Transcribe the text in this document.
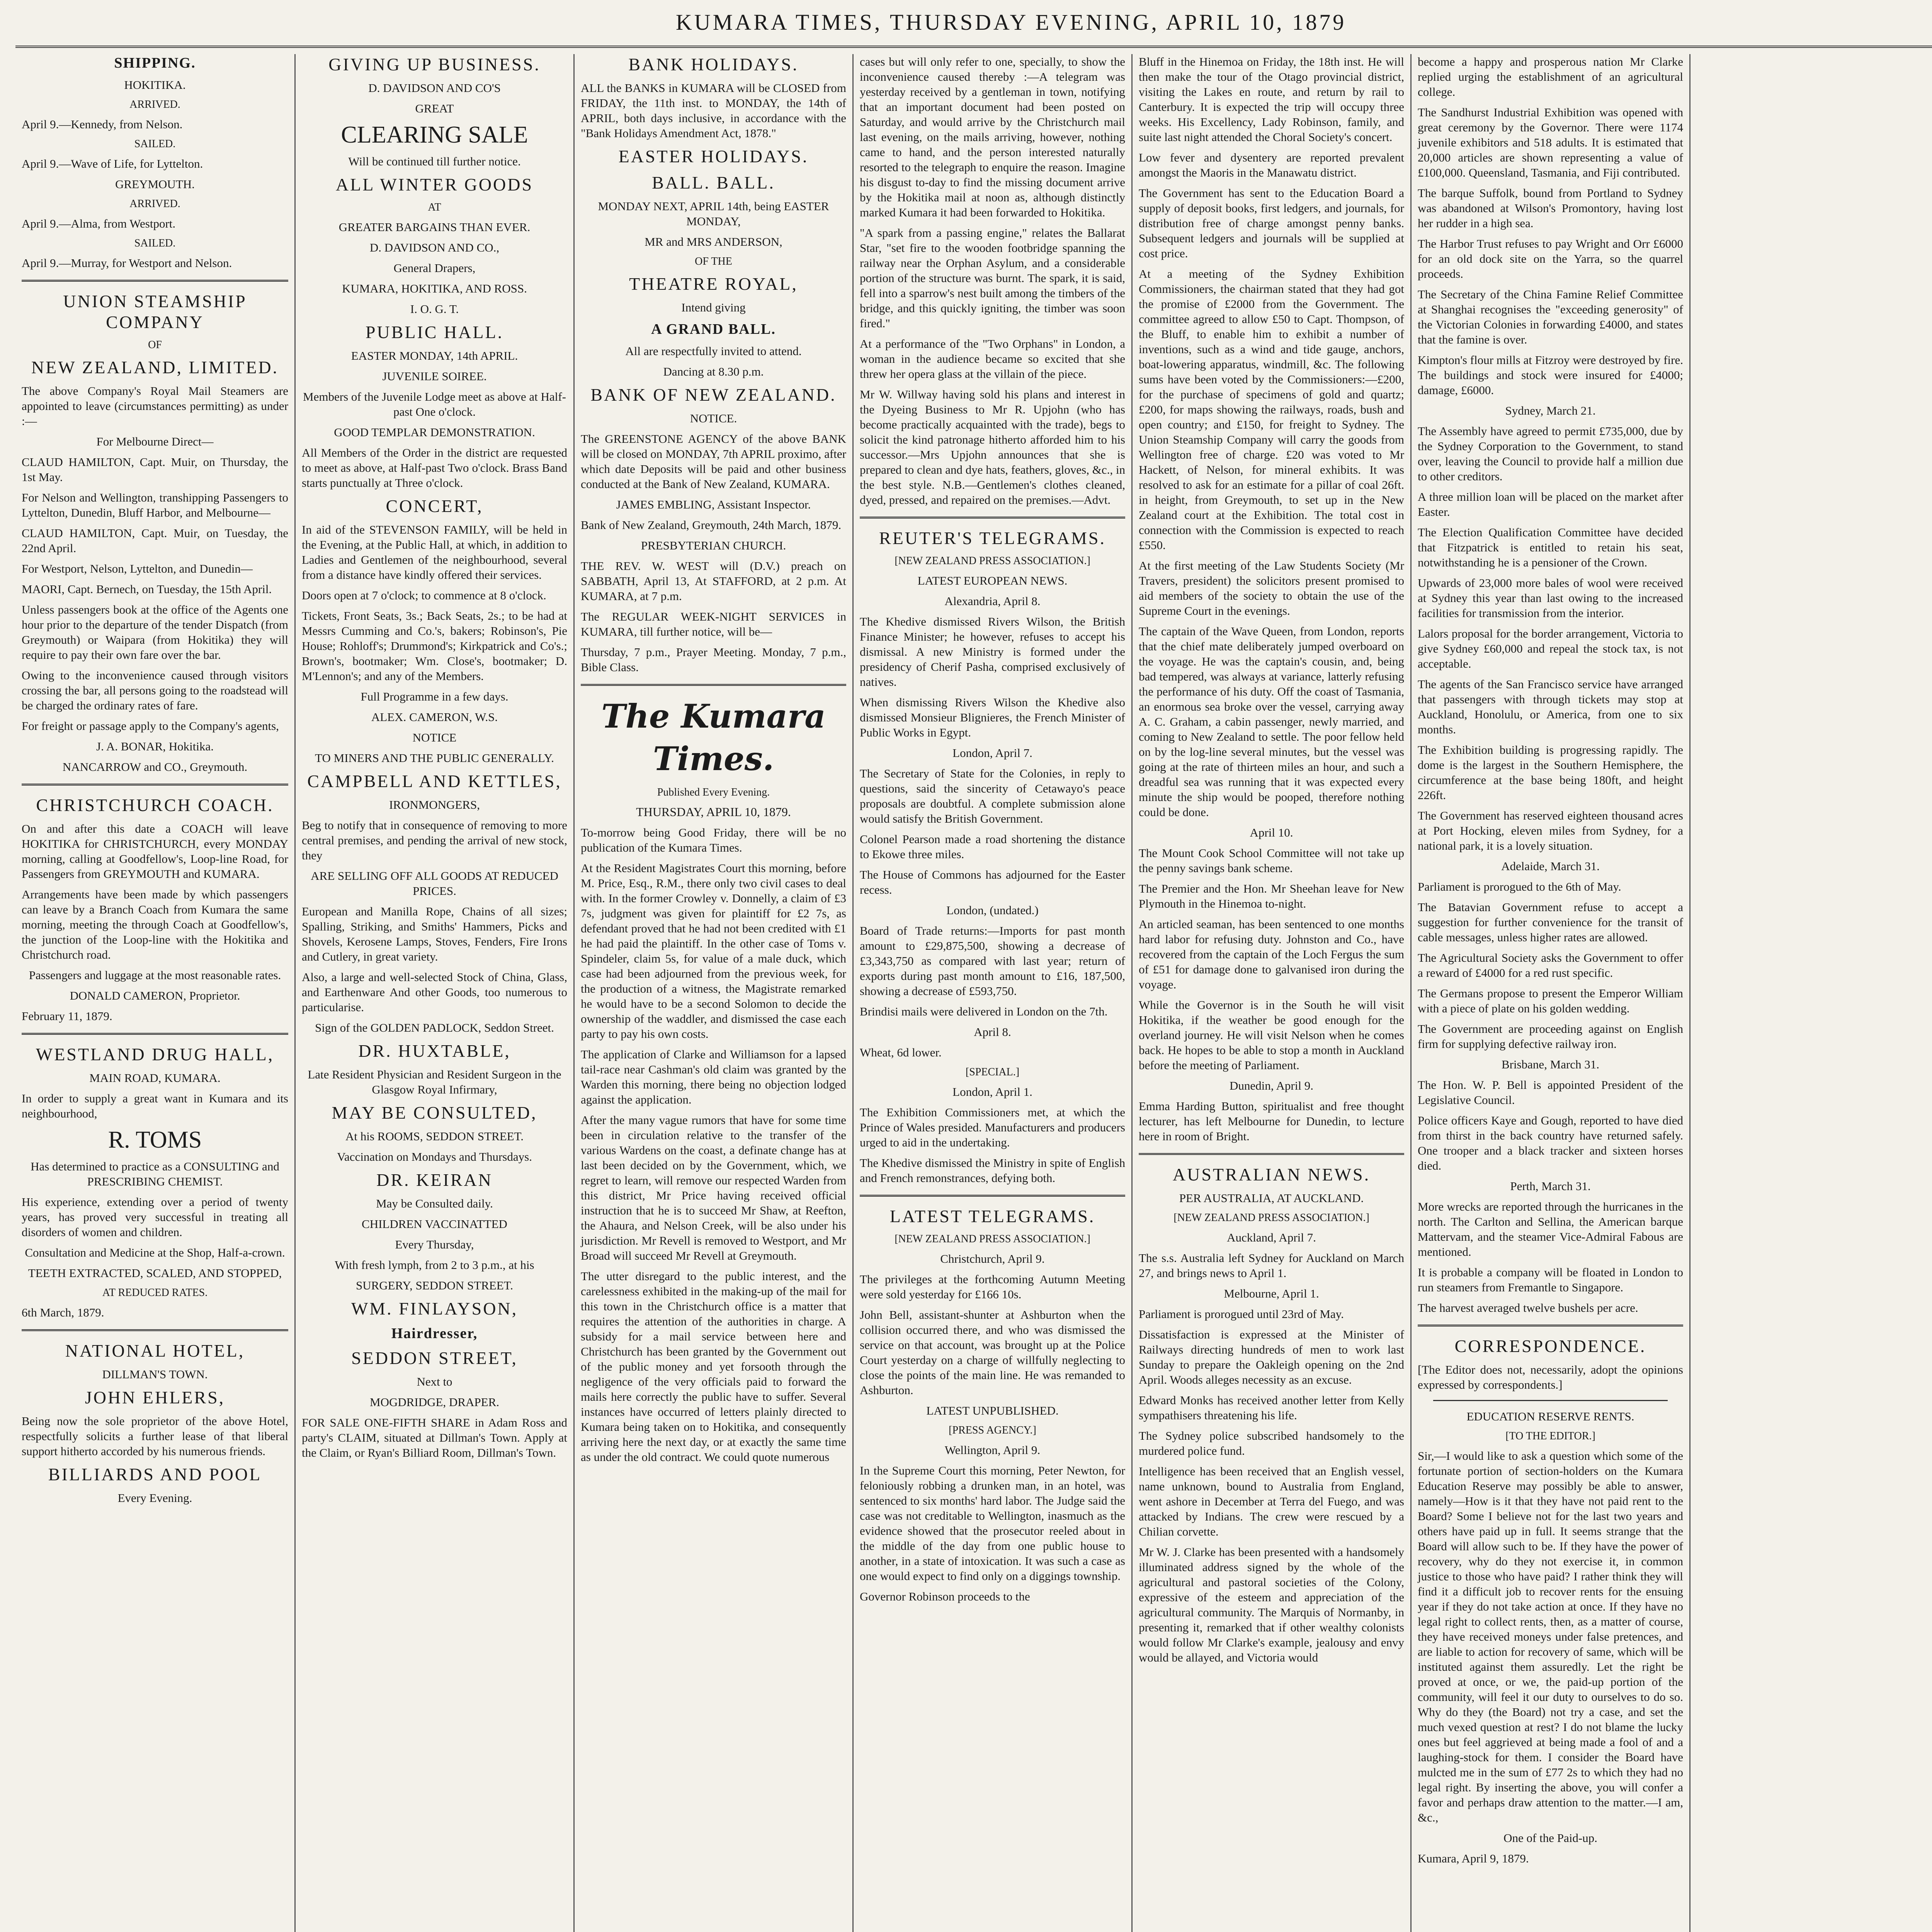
KUMARA TIMES, THURSDAY EVENING, APRIL 10, 1879
SHIPPING.
HOKITIKA.
ARRIVED.
April 9.—Kennedy, from Nelson.
SAILED.
April 9.—Wave of Life, for Lyttelton.
GREYMOUTH.
ARRIVED.
April 9.—Alma, from Westport.
SAILED.
April 9.—Murray, for Westport and Nelson.
UNION STEAMSHIP COMPANY
OF
NEW ZEALAND, LIMITED.
The above Company's Royal Mail Steamers are appointed to leave (circumstances permitting) as under :—
For Melbourne Direct—
CLAUD HAMILTON, Capt. Muir, on Thursday, the 1st May.
For Nelson and Wellington, transhipping Passengers to Lyttelton, Dunedin, Bluff Harbor, and Melbourne—
CLAUD HAMILTON, Capt. Muir, on Tuesday, the 22nd April.
For Westport, Nelson, Lyttelton, and Dunedin—
MAORI, Capt. Bernech, on Tuesday, the 15th April.
Unless passengers book at the office of the Agents one hour prior to the departure of the tender Dispatch (from Greymouth) or Waipara (from Hokitika) they will require to pay their own fare over the bar.
Owing to the inconvenience caused through visitors crossing the bar, all persons going to the roadstead will be charged the ordinary rates of fare.
For freight or passage apply to the Company's agents,
J. A. BONAR, Hokitika.
NANCARROW and CO., Greymouth.
CHRISTCHURCH COACH.
On and after this date a COACH will leave HOKITIKA for CHRISTCHURCH, every MONDAY morning, calling at Goodfellow's, Loop-line Road, for Passengers from GREYMOUTH and KUMARA.
Arrangements have been made by which passengers can leave by a Branch Coach from Kumara the same morning, meeting the through Coach at Goodfellow's, the junction of the Loop-line with the Hokitika and Christchurch road.
Passengers and luggage at the most reasonable rates.
DONALD CAMERON, Proprietor.
February 11, 1879.
WESTLAND DRUG HALL,
MAIN ROAD, KUMARA.
In order to supply a great want in Kumara and its neighbourhood,
R. TOMS
Has determined to practice as a CONSULTING and PRESCRIBING CHEMIST.
His experience, extending over a period of twenty years, has proved very successful in treating all disorders of women and children.
Consultation and Medicine at the Shop, Half-a-crown.
TEETH EXTRACTED, SCALED, AND STOPPED,
AT REDUCED RATES.
6th March, 1879.
NATIONAL HOTEL,
DILLMAN'S TOWN.
JOHN EHLERS,
Being now the sole proprietor of the above Hotel, respectfully solicits a further lease of that liberal support hitherto accorded by his numerous friends.
BILLIARDS AND POOL
Every Evening.
GIVING UP BUSINESS.
D. DAVIDSON AND CO'S
GREAT
CLEARING SALE
Will be continued till further notice.
ALL WINTER GOODS
AT
GREATER BARGAINS THAN EVER.
D. DAVIDSON AND CO.,
General Drapers,
KUMARA, HOKITIKA, AND ROSS.
I. O. G. T.
PUBLIC HALL.
EASTER MONDAY, 14th APRIL.
JUVENILE SOIREE.
Members of the Juvenile Lodge meet as above at Half-past One o'clock.
GOOD TEMPLAR DEMONSTRATION.
All Members of the Order in the district are requested to meet as above, at Half-past Two o'clock. Brass Band starts punctually at Three o'clock.
CONCERT,
In aid of the STEVENSON FAMILY, will be held in the Evening, at the Public Hall, at which, in addition to Ladies and Gentlemen of the neighbourhood, several from a distance have kindly offered their services.
Doors open at 7 o'clock; to commence at 8 o'clock.
Tickets, Front Seats, 3s.; Back Seats, 2s.; to be had at Messrs Cumming and Co.'s, bakers; Robinson's, Pie House; Rohloff's; Drummond's; Kirkpatrick and Co's.; Brown's, bootmaker; Wm. Close's, bootmaker; D. M'Lennon's; and any of the Members.
Full Programme in a few days.
ALEX. CAMERON, W.S.
NOTICE
TO MINERS AND THE PUBLIC GENERALLY.
CAMPBELL AND KETTLES,
IRONMONGERS,
Beg to notify that in consequence of removing to more central premises, and pending the arrival of new stock, they
ARE SELLING OFF ALL GOODS AT REDUCED PRICES.
European and Manilla Rope, Chains of all sizes; Spalling, Striking, and Smiths' Hammers, Picks and Shovels, Kerosene Lamps, Stoves, Fenders, Fire Irons and Cutlery, in great variety.
Also, a large and well-selected Stock of China, Glass, and Earthenware And other Goods, too numerous to particularise.
Sign of the GOLDEN PADLOCK, Seddon Street.
DR. HUXTABLE,
Late Resident Physician and Resident Surgeon in the Glasgow Royal Infirmary,
MAY BE CONSULTED,
At his ROOMS, SEDDON STREET.
Vaccination on Mondays and Thursdays.
DR. KEIRAN
May be Consulted daily.
CHILDREN VACCINATTED
Every Thursday,
With fresh lymph, from 2 to 3 p.m., at his
SURGERY, SEDDON STREET.
WM. FINLAYSON,
Hairdresser,
SEDDON STREET,
Next to
MOGDRIDGE, DRAPER.
FOR SALE ONE-FIFTH SHARE in Adam Ross and party's CLAIM, situated at Dillman's Town. Apply at the Claim, or Ryan's Billiard Room, Dillman's Town.
BANK HOLIDAYS.
ALL the BANKS in KUMARA will be CLOSED from FRIDAY, the 11th inst. to MONDAY, the 14th of APRIL, both days inclusive, in accordance with the "Bank Holidays Amendment Act, 1878."
EASTER HOLIDAYS.
BALL. BALL.
MONDAY NEXT, APRIL 14th, being EASTER MONDAY,
MR and MRS ANDERSON,
OF THE
THEATRE ROYAL,
Intend giving
A GRAND BALL.
All are respectfully invited to attend.
Dancing at 8.30 p.m.
BANK OF NEW ZEALAND.
NOTICE.
The GREENSTONE AGENCY of the above BANK will be closed on MONDAY, 7th APRIL proximo, after which date Deposits will be paid and other business conducted at the Bank of New Zealand, KUMARA.
JAMES EMBLING, Assistant Inspector.
Bank of New Zealand, Greymouth, 24th March, 1879.
PRESBYTERIAN CHURCH.
THE REV. W. WEST will (D.V.) preach on SABBATH, April 13, At STAFFORD, at 2 p.m. At KUMARA, at 7 p.m.
The REGULAR WEEK-NIGHT SERVICES in KUMARA, till further notice, will be—
Thursday, 7 p.m., Prayer Meeting. Monday, 7 p.m., Bible Class.
The Kumara Times.
Published Every Evening.
THURSDAY, APRIL 10, 1879.
To-morrow being Good Friday, there will be no publication of the Kumara Times.
At the Resident Magistrates Court this morning, before M. Price, Esq., R.M., there only two civil cases to deal with. In the former Crowley v. Donnelly, a claim of £3 7s, judgment was given for plaintiff for £2 7s, as defendant proved that he had not been credited with £1 he had paid the plaintiff. In the other case of Toms v. Spindeler, claim 5s, for value of a male duck, which case had been adjourned from the previous week, for the production of a witness, the Magistrate remarked he would have to be a second Solomon to decide the ownership of the waddler, and dismissed the case each party to pay his own costs.
The application of Clarke and Williamson for a lapsed tail-race near Cashman's old claim was granted by the Warden this morning, there being no objection lodged against the application.
After the many vague rumors that have for some time been in circulation relative to the transfer of the various Wardens on the coast, a definate change has at last been decided on by the Government, which, we regret to learn, will remove our respected Warden from this district, Mr Price having received official instruction that he is to succeed Mr Shaw, at Reefton, the Ahaura, and Nelson Creek, will be also under his jurisdiction. Mr Revell is removed to Westport, and Mr Broad will succeed Mr Revell at Greymouth.
The utter disregard to the public interest, and the carelessness exhibited in the making-up of the mail for this town in the Christchurch office is a matter that requires the attention of the authorities in charge. A subsidy for a mail service between here and Christchurch has been granted by the Government out of the public money and yet forsooth through the negligence of the very officials paid to forward the mails here correctly the public have to suffer. Several instances have occurred of letters plainly directed to Kumara being taken on to Hokitika, and consequently arriving here the next day, or at exactly the same time as under the old contract. We could quote numerous
cases but will only refer to one, specially, to show the inconvenience caused thereby :—A telegram was yesterday received by a gentleman in town, notifying that an important document had been posted on Saturday, and would arrive by the Christchurch mail last evening, on the mails arriving, however, nothing came to hand, and the person interested naturally resorted to the telegraph to enquire the reason. Imagine his disgust to-day to find the missing document arrive by the Hokitika mail at noon as, although distinctly marked Kumara it had been forwarded to Hokitika.
"A spark from a passing engine," relates the Ballarat Star, "set fire to the wooden footbridge spanning the railway near the Orphan Asylum, and a considerable portion of the structure was burnt. The spark, it is said, fell into a sparrow's nest built among the timbers of the bridge, and this quickly igniting, the timber was soon fired."
At a performance of the "Two Orphans" in London, a woman in the audience became so excited that she threw her opera glass at the villain of the piece.
Mr W. Willway having sold his plans and interest in the Dyeing Business to Mr R. Upjohn (who has become practically acquainted with the trade), begs to solicit the kind patronage hitherto afforded him to his successor.—Mrs Upjohn announces that she is prepared to clean and dye hats, feathers, gloves, &c., in the best style. N.B.—Gentlemen's clothes cleaned, dyed, pressed, and repaired on the premises.—Advt.
REUTER'S TELEGRAMS.
[NEW ZEALAND PRESS ASSOCIATION.]
LATEST EUROPEAN NEWS.
Alexandria, April 8.
The Khedive dismissed Rivers Wilson, the British Finance Minister; he however, refuses to accept his dismissal. A new Ministry is formed under the presidency of Cherif Pasha, comprised exclusively of natives.
When dismissing Rivers Wilson the Khedive also dismissed Monsieur Blignieres, the French Minister of Public Works in Egypt.
London, April 7.
The Secretary of State for the Colonies, in reply to questions, said the sincerity of Cetawayo's peace proposals are doubtful. A complete submission alone would satisfy the British Government.
Colonel Pearson made a road shortening the distance to Ekowe three miles.
The House of Commons has adjourned for the Easter recess.
London, (undated.)
Board of Trade returns:—Imports for past month amount to £29,875,500, showing a decrease of £3,343,750 as compared with last year; return of exports during past month amount to £16, 187,500, showing a decrease of £593,750.
Brindisi mails were delivered in London on the 7th.
April 8.
Wheat, 6d lower.
[SPECIAL.]
London, April 1.
The Exhibition Commissioners met, at which the Prince of Wales presided. Manufacturers and producers urged to aid in the undertaking.
The Khedive dismissed the Ministry in spite of English and French remonstrances, defying both.
LATEST TELEGRAMS.
[NEW ZEALAND PRESS ASSOCIATION.]
Christchurch, April 9.
The privileges at the forthcoming Autumn Meeting were sold yesterday for £166 10s.
John Bell, assistant-shunter at Ashburton when the collision occurred there, and who was dismissed the service on that account, was brought up at the Police Court yesterday on a charge of willfully neglecting to close the points of the main line. He was remanded to Ashburton.
LATEST UNPUBLISHED.
[PRESS AGENCY.]
Wellington, April 9.
In the Supreme Court this morning, Peter Newton, for feloniously robbing a drunken man, in an hotel, was sentenced to six months' hard labor. The Judge said the case was not creditable to Wellington, inasmuch as the evidence showed that the prosecutor reeled about in the middle of the day from one public house to another, in a state of intoxication. It was such a case as one would expect to find only on a diggings township.
Governor Robinson proceeds to the
Bluff in the Hinemoa on Friday, the 18th inst. He will then make the tour of the Otago provincial district, visiting the Lakes en route, and return by rail to Canterbury. It is expected the trip will occupy three weeks. His Excellency, Lady Robinson, family, and suite last night attended the Choral Society's concert.
Low fever and dysentery are reported prevalent amongst the Maoris in the Manawatu district.
The Government has sent to the Education Board a supply of deposit books, first ledgers, and journals, for distribution free of charge amongst penny banks. Subsequent ledgers and journals will be supplied at cost price.
At a meeting of the Sydney Exhibition Commissioners, the chairman stated that they had got the promise of £2000 from the Government. The committee agreed to allow £50 to Capt. Thompson, of the Bluff, to enable him to exhibit a number of inventions, such as a wind and tide gauge, anchors, boat-lowering apparatus, windmill, &c. The following sums have been voted by the Commissioners:—£200, for the purchase of specimens of gold and quartz; £200, for maps showing the railways, roads, bush and open country; and £150, for freight to Sydney. The Union Steamship Company will carry the goods from Wellington free of charge. £20 was voted to Mr Hackett, of Nelson, for mineral exhibits. It was resolved to ask for an estimate for a pillar of coal 26ft. in height, from Greymouth, to set up in the New Zealand court at the Exhibition. The total cost in connection with the Commission is expected to reach £550.
At the first meeting of the Law Students Society (Mr Travers, president) the solicitors present promised to aid members of the society to obtain the use of the Supreme Court in the evenings.
The captain of the Wave Queen, from London, reports that the chief mate deliberately jumped overboard on the voyage. He was the captain's cousin, and, being bad tempered, was always at variance, latterly refusing the performance of his duty. Off the coast of Tasmania, an enormous sea broke over the vessel, carrying away A. C. Graham, a cabin passenger, newly married, and coming to New Zealand to settle. The poor fellow held on by the log-line several minutes, but the vessel was going at the rate of thirteen miles an hour, and such a dreadful sea was running that it was expected every minute the ship would be pooped, therefore nothing could be done.
April 10.
The Mount Cook School Committee will not take up the penny savings bank scheme.
The Premier and the Hon. Mr Sheehan leave for New Plymouth in the Hinemoa to-night.
An articled seaman, has been sentenced to one months hard labor for refusing duty. Johnston and Co., have recovered from the captain of the Loch Fergus the sum of £51 for damage done to galvanised iron during the voyage.
While the Governor is in the South he will visit Hokitika, if the weather be good enough for the overland journey. He will visit Nelson when he comes back. He hopes to be able to stop a month in Auckland before the meeting of Parliament.
Dunedin, April 9.
Emma Harding Button, spiritualist and free thought lecturer, has left Melbourne for Dunedin, to lecture here in room of Bright.
AUSTRALIAN NEWS.
PER AUSTRALIA, AT AUCKLAND.
[NEW ZEALAND PRESS ASSOCIATION.]
Auckland, April 7.
The s.s. Australia left Sydney for Auckland on March 27, and brings news to April 1.
Melbourne, April 1.
Parliament is prorogued until 23rd of May.
Dissatisfaction is expressed at the Minister of Railways directing hundreds of men to work last Sunday to prepare the Oakleigh opening on the 2nd April. Woods alleges necessity as an excuse.
Edward Monks has received another letter from Kelly sympathisers threatening his life.
The Sydney police subscribed handsomely to the murdered police fund.
Intelligence has been received that an English vessel, name unknown, bound to Australia from England, went ashore in December at Terra del Fuego, and was attacked by Indians. The crew were rescued by a Chilian corvette.
Mr W. J. Clarke has been presented with a handsomely illuminated address signed by the whole of the agricultural and pastoral societies of the Colony, expressive of the esteem and appreciation of the agricultural community. The Marquis of Normanby, in presenting it, remarked that if other wealthy colonists would follow Mr Clarke's example, jealousy and envy would be allayed, and Victoria would
become a happy and prosperous nation Mr Clarke replied urging the establishment of an agricultural college.
The Sandhurst Industrial Exhibition was opened with great ceremony by the Governor. There were 1174 juvenile exhibitors and 518 adults. It is estimated that 20,000 articles are shown representing a value of £100,000. Queensland, Tasmania, and Fiji contributed.
The barque Suffolk, bound from Portland to Sydney was abandoned at Wilson's Promontory, having lost her rudder in a high sea.
The Harbor Trust refuses to pay Wright and Orr £6000 for an old dock site on the Yarra, so the quarrel proceeds.
The Secretary of the China Famine Relief Committee at Shanghai recognises the "exceeding generosity" of the Victorian Colonies in forwarding £4000, and states that the famine is over.
Kimpton's flour mills at Fitzroy were destroyed by fire. The buildings and stock were insured for £4000; damage, £6000.
Sydney, March 21.
The Assembly have agreed to permit £735,000, due by the Sydney Corporation to the Government, to stand over, leaving the Council to provide half a million due to other creditors.
A three million loan will be placed on the market after Easter.
The Election Qualification Committee have decided that Fitzpatrick is entitled to retain his seat, notwithstanding he is a pensioner of the Crown.
Upwards of 23,000 more bales of wool were received at Sydney this year than last owing to the increased facilities for transmission from the interior.
Lalors proposal for the border arrangement, Victoria to give Sydney £60,000 and repeal the stock tax, is not acceptable.
The agents of the San Francisco service have arranged that passengers with through tickets may stop at Auckland, Honolulu, or America, from one to six months.
The Exhibition building is progressing rapidly. The dome is the largest in the Southern Hemisphere, the circumference at the base being 180ft, and height 226ft.
The Government has reserved eighteen thousand acres at Port Hocking, eleven miles from Sydney, for a national park, it is a lovely situation.
Adelaide, March 31.
Parliament is prorogued to the 6th of May.
The Batavian Government refuse to accept a suggestion for further convenience for the transit of cable messages, unless higher rates are allowed.
The Agricultural Society asks the Government to offer a reward of £4000 for a red rust specific.
The Germans propose to present the Emperor William with a piece of plate on his golden wedding.
The Government are proceeding against on English firm for supplying defective railway iron.
Brisbane, March 31.
The Hon. W. P. Bell is appointed President of the Legislative Council.
Police officers Kaye and Gough, reported to have died from thirst in the back country have returned safely. One trooper and a black tracker and sixteen horses died.
Perth, March 31.
More wrecks are reported through the hurricanes in the north. The Carlton and Sellina, the American barque Mattervam, and the steamer Vice-Admiral Fabous are mentioned.
It is probable a company will be floated in London to run steamers from Fremantle to Singapore.
The harvest averaged twelve bushels per acre.
CORRESPONDENCE.
[The Editor does not, necessarily, adopt the opinions expressed by correspondents.]
EDUCATION RESERVE RENTS.
[TO THE EDITOR.]
Sir,—I would like to ask a question which some of the fortunate portion of section-holders on the Kumara Education Reserve may possibly be able to answer, namely—How is it that they have not paid rent to the Board? Some I believe not for the last two years and others have paid up in full. It seems strange that the Board will allow such to be. If they have the power of recovery, why do they not exercise it, in common justice to those who have paid? I rather think they will find it a difficult job to recover rents for the ensuing year if they do not take action at once. If they have no legal right to collect rents, then, as a matter of course, they have received moneys under false pretences, and are liable to action for recovery of same, which will be instituted against them assuredly. Let the right be proved at once, or we, the paid-up portion of the community, will feel it our duty to ourselves to do so. Why do they (the Board) not try a case, and set the much vexed question at rest? I do not blame the lucky ones but feel aggrieved at being made a fool of and a laughing-stock for them. I consider the Board have mulcted me in the sum of £77 2s to which they had no legal right. By inserting the above, you will confer a favor and perhaps draw attention to the matter.—I am, &c.,
One of the Paid-up.
Kumara, April 9, 1879.
